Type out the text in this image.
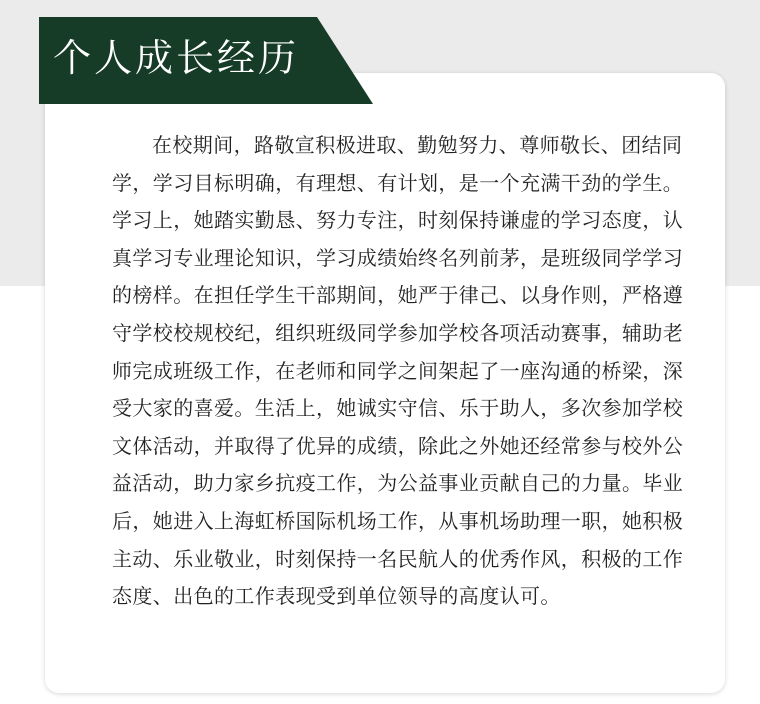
个人成长经历

在校期间，路敬宣积极进取、勤勉努力、尊师敬长、团结同
学，学习目标明确，有理想、有计划，是一个充满干劲的学生。
学习上，她踏实勤恳、努力专注，时刻保持谦虚的学习态度，认
真学习专业理论知识，学习成绩始终名列前茅，是班级同学学习
的榜样。在担任学生干部期间，她严于律己、以身作则，严格遵
守学校校规校纪，组织班级同学参加学校各项活动赛事，辅助老
师完成班级工作，在老师和同学之间架起了一座沟通的桥梁，深
受大家的喜爱。生活上，她诚实守信、乐于助人，多次参加学校
文体活动，并取得了优异的成绩，除此之外她还经常参与校外公
益活动，助力家乡抗疫工作，为公益事业贡献自己的力量。毕业
后，她进入上海虹桥国际机场工作，从事机场助理一职，她积极
主动、乐业敬业，时刻保持一名民航人的优秀作风，积极的工作
态度、出色的工作表现受到单位领导的高度认可。
